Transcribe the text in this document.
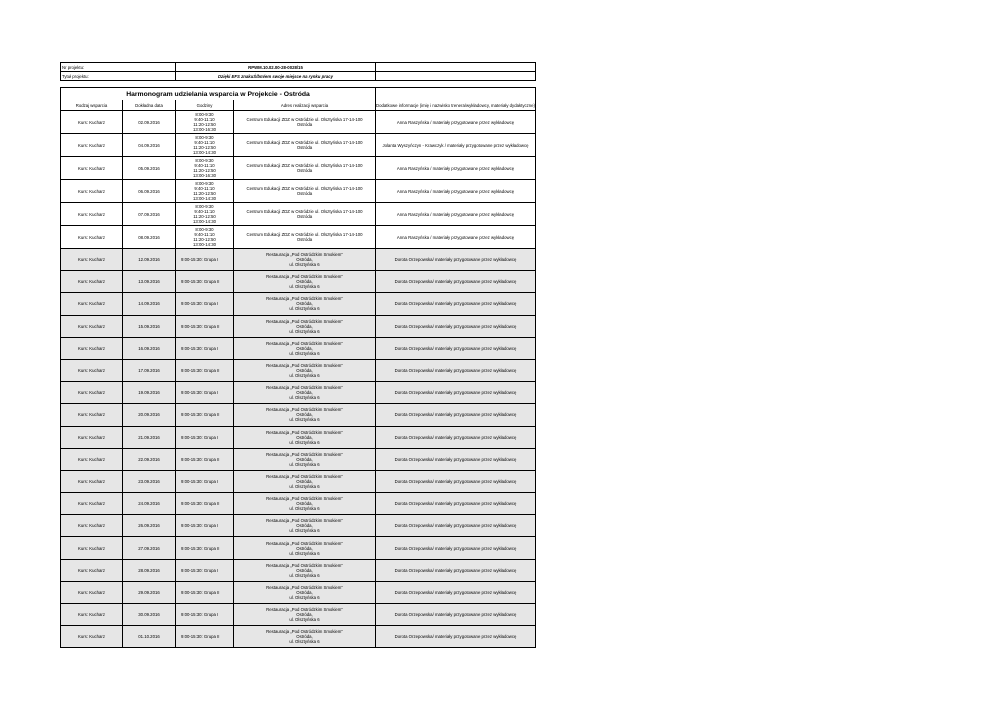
Nr projektu:	RPWM.10.02.00-28-0028/15	
Tytuł projektu:	Dzięki EFS znakuŚ/bm/em swoje miejsce na rynku pracy	
Harmonogram udzielania wsparcia w Projekcie - Ostróda				
Rodzaj wsparcia	Dokładna data	Godziny	Adres realizacji wsparcia	Dodatkowe informacje (imię i nazwisko trenera/wykładowcy, materiały dydaktyczne)
Kurs: Kucharz	02.09.2016	8:00-9:30
9:40-11:10
11:20-12:50
13:00-16:30	Centrum Edukacji ZDZ w Ostródzie ul. Olsztyńska 17-14-100
Ostróda	Anna Raszyńska / materiały przygotowane przez wykładowcę
Kurs: Kucharz	04.09.2016	8:00-9:30
9:40-11:10
11:20-12:50
13:00-14:30	Centrum Edukacji ZDZ w Ostródzie ul. Olsztyńska 17-14-100
Ostróda	Jolanta Wyszyńczyn - Krawczyk / materiały przygotowane przez wykładowcę
Kurs: Kucharz	05.09.2016	8:00-9:30
9:40-11:10
11:20-12:50
13:00-16:30	Centrum Edukacji ZDZ w Ostródzie ul. Olsztyńska 17-14-100
Ostróda	Anna Raszyńska / materiały przygotowane przez wykładowcę
Kurs: Kucharz	06.09.2016	8:00-9:30
9:40-11:10
11:20-12:50
13:00-14:30	Centrum Edukacji ZDZ w Ostródzie ul. Olsztyńska 17-14-100
Ostróda	Anna Raszyńska / materiały przygotowane przez wykładowcę
Kurs: Kucharz	07.09.2016	8:00-9:30
9:40-11:10
11:20-12:50
13:00-14:30	Centrum Edukacji ZDZ w Ostródzie ul. Olsztyńska 17-14-100
Ostróda	Anna Raszyńska / materiały przygotowane przez wykładowcę
Kurs: Kucharz	08.09.2016	8:00-9:30
9:40-11:10
11:20-12:50
13:00-14:30	Centrum Edukacji ZDZ w Ostródzie ul. Olsztyńska 17-14-100
Ostróda	Anna Raszyńska / materiały przygotowane przez wykładowcę
Kurs: Kucharz	12.09.2016	9:00-15:30: Grupa I	Restauracja „Pod Ostródzkim Smokiem”
Ostróda,
ul. Olsztyńska 6	Dorota Orzepowska/ materiały przygotowane przez wykładowcę
Kurs: Kucharz	13.09.2016	9:00-15:30: Grupa II	Restauracja „Pod Ostródzkim Smokiem”
Ostróda,
ul. Olsztyńska 6	Dorota Orzepowska/ materiały przygotowane przez wykładowcę
Kurs: Kucharz	14.09.2016	9:00-15:30: Grupa I	Restauracja „Pod Ostródzkim Smokiem”
Ostróda,
ul. Olsztyńska 6	Dorota Orzepowska/ materiały przygotowane przez wykładowcę
Kurs: Kucharz	15.09.2016	9:00-15:30: Grupa II	Restauracja „Pod Ostródzkim Smokiem”
Ostróda,
ul. Olsztyńska 6	Dorota Orzepowska/ materiały przygotowane przez wykładowcę
Kurs: Kucharz	16.09.2016	9:00-15:30: Grupa I	Restauracja „Pod Ostródzkim Smokiem”
Ostróda,
ul. Olsztyńska 6	Dorota Orzepowska/ materiały przygotowane przez wykładowcę
Kurs: Kucharz	17.09.2016	9:00-15:30: Grupa II	Restauracja „Pod Ostródzkim Smokiem”
Ostróda,
ul. Olsztyńska 6	Dorota Orzepowska/ materiały przygotowane przez wykładowcę
Kurs: Kucharz	19.09.2016	9:00-15:30: Grupa I	Restauracja „Pod Ostródzkim Smokiem”
Ostróda,
ul. Olsztyńska 6	Dorota Orzepowska/ materiały przygotowane przez wykładowcę
Kurs: Kucharz	20.09.2016	9:00-15:30: Grupa II	Restauracja „Pod Ostródzkim Smokiem”
Ostróda,
ul. Olsztyńska 6	Dorota Orzepowska/ materiały przygotowane przez wykładowcę
Kurs: Kucharz	21.09.2016	9:00-15:30: Grupa I	Restauracja „Pod Ostródzkim Smokiem”
Ostróda,
ul. Olsztyńska 6	Dorota Orzepowska/ materiały przygotowane przez wykładowcę
Kurs: Kucharz	22.09.2016	9:00-15:30: Grupa II	Restauracja „Pod Ostródzkim Smokiem”
Ostróda,
ul. Olsztyńska 6	Dorota Orzepowska/ materiały przygotowane przez wykładowcę
Kurs: Kucharz	23.09.2016	9:00-15:30: Grupa I	Restauracja „Pod Ostródzkim Smokiem”
Ostróda,
ul. Olsztyńska 6	Dorota Orzepowska/ materiały przygotowane przez wykładowcę
Kurs: Kucharz	24.09.2016	9:00-15:30: Grupa II	Restauracja „Pod Ostródzkim Smokiem”
Ostróda,
ul. Olsztyńska 6	Dorota Orzepowska/ materiały przygotowane przez wykładowcę
Kurs: Kucharz	26.09.2016	9:00-15:30: Grupa I	Restauracja „Pod Ostródzkim Smokiem”
Ostróda,
ul. Olsztyńska 6	Dorota Orzepowska/ materiały przygotowane przez wykładowcę
Kurs: Kucharz	27.09.2016	9:00-15:30: Grupa II	Restauracja „Pod Ostródzkim Smokiem”
Ostróda,
ul. Olsztyńska 6	Dorota Orzepowska/ materiały przygotowane przez wykładowcę
Kurs: Kucharz	28.09.2016	9:00-15:30: Grupa I	Restauracja „Pod Ostródzkim Smokiem”
Ostróda,
ul. Olsztyńska 6	Dorota Orzepowska/ materiały przygotowane przez wykładowcę
Kurs: Kucharz	29.09.2016	9:00-15:30: Grupa II	Restauracja „Pod Ostródzkim Smokiem”
Ostróda,
ul. Olsztyńska 6	Dorota Orzepowska/ materiały przygotowane przez wykładowcę
Kurs: Kucharz	30.09.2016	9:00-15:30: Grupa I	Restauracja „Pod Ostródzkim Smokiem”
Ostróda,
ul. Olsztyńska 6	Dorota Orzepowska/ materiały przygotowane przez wykładowcę
Kurs: Kucharz	01.10.2016	9:00-15:30: Grupa II	Restauracja „Pod Ostródzkim Smokiem”
Ostróda,
ul. Olsztyńska 6	Dorota Orzepowska/ materiały przygotowane przez wykładowcę
